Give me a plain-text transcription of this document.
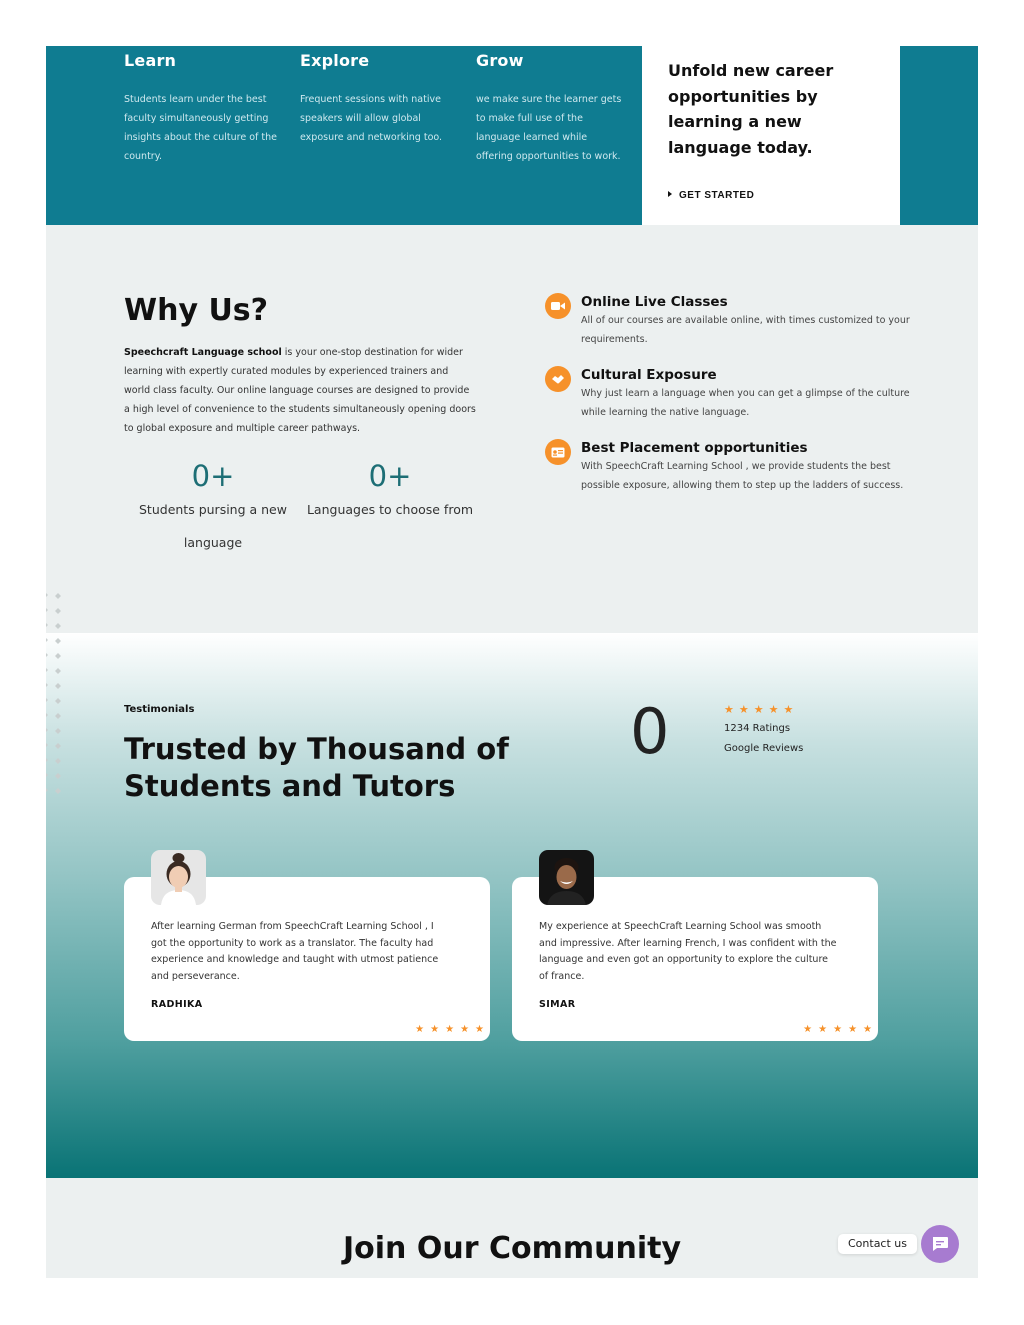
Learn

Students learn under the best faculty simultaneously getting insights about the culture of the country.

Explore

Frequent sessions with native speakers will allow global exposure and networking too.

Grow

we make sure the learner gets to make full use of the language learned while offering opportunities to work.

Unfold new career opportunities by learning a new language today.
GET STARTED
Why Us?

Speechcraft Language school is your one-stop destination for wider learning with expertly curated modules by experienced trainers and world class faculty. Our online language courses are designed to provide a high level of convenience to the students simultaneously opening doors to global exposure and multiple career pathways.

0+
Students pursing a new language
0+
Languages to choose from
Online Live Classes

All of our courses are available online, with times customized to your requirements.

Cultural Exposure

Why just learn a language when you can get a glimpse of the culture while learning the native language.

Best Placement opportunities

With SpeechCraft Learning School , we provide students the best possible exposure, allowing them to step up the ladders of success.

Testimonials
Trusted by Thousand of Students and Tutors
0	★★★★★
1234 Ratings
Google Reviews

After learning German from SpeechCraft Learning School , I got the opportunity to work as a translator. The faculty had experience and knowledge and taught with utmost patience and perseverance.

RADHIKA
★★★★★

My experience at SpeechCraft Learning School was smooth and impressive. After learning French, I was confident with the language and even got an opportunity to explore the culture of france.

SIMAR
★★★★★
Join Our Community	Contact us
